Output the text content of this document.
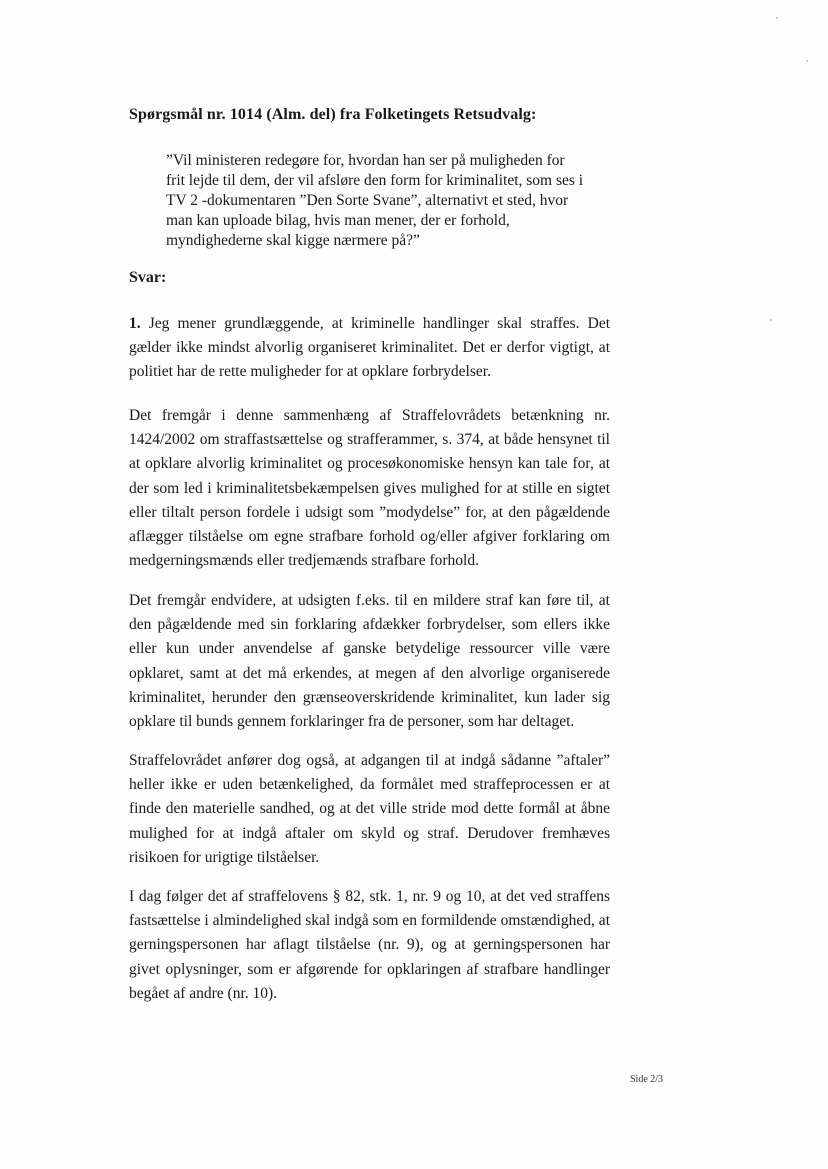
Spørgsmål nr. 1014 (Alm. del) fra Folketingets Retsudvalg:
”Vil ministeren redegøre for, hvordan han ser på muligheden for frit lejde til dem, der vil afsløre den form for kriminalitet, som ses i TV 2 -dokumentaren ”Den Sorte Svane”, alternativt et sted, hvor man kan uploade bilag, hvis man mener, der er forhold, myndighederne skal kigge nærmere på?”
Svar:
1. Jeg mener grundlæggende, at kriminelle handlinger skal straffes. Det gælder ikke mindst alvorlig organiseret kriminalitet. Det er derfor vigtigt, at politiet har de rette muligheder for at opklare forbrydelser.
Det fremgår i denne sammenhæng af Straffelovrådets betænkning nr. 1424/2002 om straffastsættelse og strafferammer, s. 374, at både hensynet til at opklare alvorlig kriminalitet og procesøkonomiske hensyn kan tale for, at der som led i kriminalitetsbekæmpelsen gives mulighed for at stille en sigtet eller tiltalt person fordele i udsigt som ”modydelse” for, at den pågældende aflægger tilståelse om egne strafbare forhold og/eller afgiver forklaring om medgerningsmænds eller tredjemænds strafbare forhold.
Det fremgår endvidere, at udsigten f.eks. til en mildere straf kan føre til, at den pågældende med sin forklaring afdækker forbrydelser, som ellers ikke eller kun under anvendelse af ganske betydelige ressourcer ville være opklaret, samt at det må erkendes, at megen af den alvorlige organiserede kriminalitet, herunder den grænseoverskridende kriminalitet, kun lader sig opklare til bunds gennem forklaringer fra de personer, som har deltaget.
Straffelovrådet anfører dog også, at adgangen til at indgå sådanne ”aftaler” heller ikke er uden betænkelighed, da formålet med straffeprocessen er at finde den materielle sandhed, og at det ville stride mod dette formål at åbne mulighed for at indgå aftaler om skyld og straf. Derudover fremhæves risikoen for urigtige tilståelser.
I dag følger det af straffelovens § 82, stk. 1, nr. 9 og 10, at det ved straffens fastsættelse i almindelighed skal indgå som en formildende omstændighed, at gerningspersonen har aflagt tilståelse (nr. 9), og at gerningspersonen har givet oplysninger, som er afgørende for opklaringen af strafbare handlinger begået af andre (nr. 10).
Side 2/3
